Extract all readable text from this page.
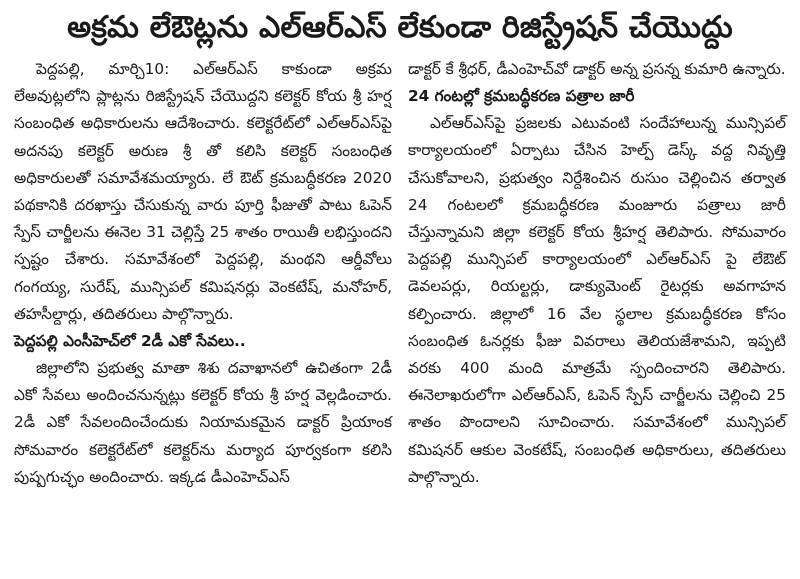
అక్రమ లేఔట్లను ఎల్‌ఆర్‌ఎస్ లేకుండా రిజిస్ట్రేషన్ చేయొద్దు

పెద్దపల్లి, మార్చి10: ఎల్‌ఆర్‌ఎస్ కాకుండా అక్రమ లేఅవుట్లలోని ప్లాట్లను రిజిస్ట్రేషన్ చేయొద్దని కలెక్టర్ కోయ శ్రీ హర్ష సంబంధిత అధికారులను ఆదేశించారు. కలెక్టరేట్‌లో ఎల్‌ఆర్‌ఎస్‌పై అదనపు కలెక్టర్ అరుణ శ్రీ తో కలిసి కలెక్టర్ సంబంధిత అధికారులతో సమావేశమయ్యారు. లే ఔట్ క్రమబద్ధీకరణ 2020 పథకానికి దరఖాస్తు చేసుకున్న వారు పూర్తి ఫీజుతో పాటు ఓపెన్ స్పేస్ చార్జీలను ఈనెల 31 చెల్లిస్తే 25 శాతం రాయితీ లభిస్తుందని స్పష్టం చేశారు. సమావేశంలో పెద్దపల్లి, మంథని ఆర్డీవోలు గంగయ్య, సురేష్, మున్సిపల్ కమిషనర్లు వెంకటేష్, మనోహర్, తహసీల్దార్లు, తదితరులు పాల్గొన్నారు.

పెద్దపల్లి ఎంసీహెచ్‌లో 2డీ ఎకో సేవలు..

జిల్లాలోని ప్రభుత్వ మాతా శిశు దవాఖానలో ఉచితంగా 2డీ ఎకో సేవలు అందించనున్నట్లు కలెక్టర్ కోయ శ్రీ హర్ష వెల్లడించారు. 2డీ ఎకో సేవలందించేందుకు నియామకమైన డాక్టర్ ప్రియాంక సోమవారం కలెక్టరేట్‌లో కలెక్టర్‌ను మర్యాద పూర్వకంగా కలిసి పుష్పగుచ్ఛం అందించారు. ఇక్కడ డీఎంహెచ్ఎస్

డాక్టర్ కే శ్రీధర్, డీఎంహెచ్‌వో డాక్టర్ అన్న ప్రసన్న కుమారి ఉన్నారు.

24 గంటల్లో క్రమబద్ధీకరణ పత్రాల జారీ

ఎల్‌ఆర్‌ఎస్‌పై ప్రజలకు ఎటువంటి సందేహాలున్న మున్సిపల్ కార్యాలయంలో ఏర్పాటు చేసిన హెల్ప్ డెస్క్ వద్ద నివృత్తి చేసుకోవాలని, ప్రభుత్వం నిర్దేశించిన రుసుం చెల్లించిన తర్వాత 24 గంటలలో క్రమబద్ధీకరణ మంజూరు పత్రాలు జారీ చేస్తున్నామని జిల్లా కలెక్టర్ కోయ శ్రీహర్ష తెలిపారు. సోమవారం పెద్దపల్లి మున్సిపల్ కార్యాలయంలో ఎల్‌ఆర్‌ఎస్ పై లేఔట్ డెవలపర్లు, రియల్టర్లు, డాక్యుమెంట్ రైటర్లకు అవగాహన కల్పించారు. జిల్లాలో 16 వేల స్థలాల క్రమబద్ధీకరణ కోసం సంబంధిత ఓనర్లకు ఫీజు వివరాలు తెలియజేశామని, ఇప్పటి వరకు 400 మంది మాత్రమే స్పందించారని తెలిపారు. ఈనెలాఖరులోగా ఎల్‌ఆర్‌ఎస్, ఓపెన్ స్పేస్ చార్జీలను చెల్లించి 25 శాతం పొందాలని సూచించారు. సమావేశంలో మున్సిపల్ కమిషనర్ ఆకుల వెంకటేష్, సంబంధిత అధికారులు, తదితరులు పాల్గొన్నారు.
